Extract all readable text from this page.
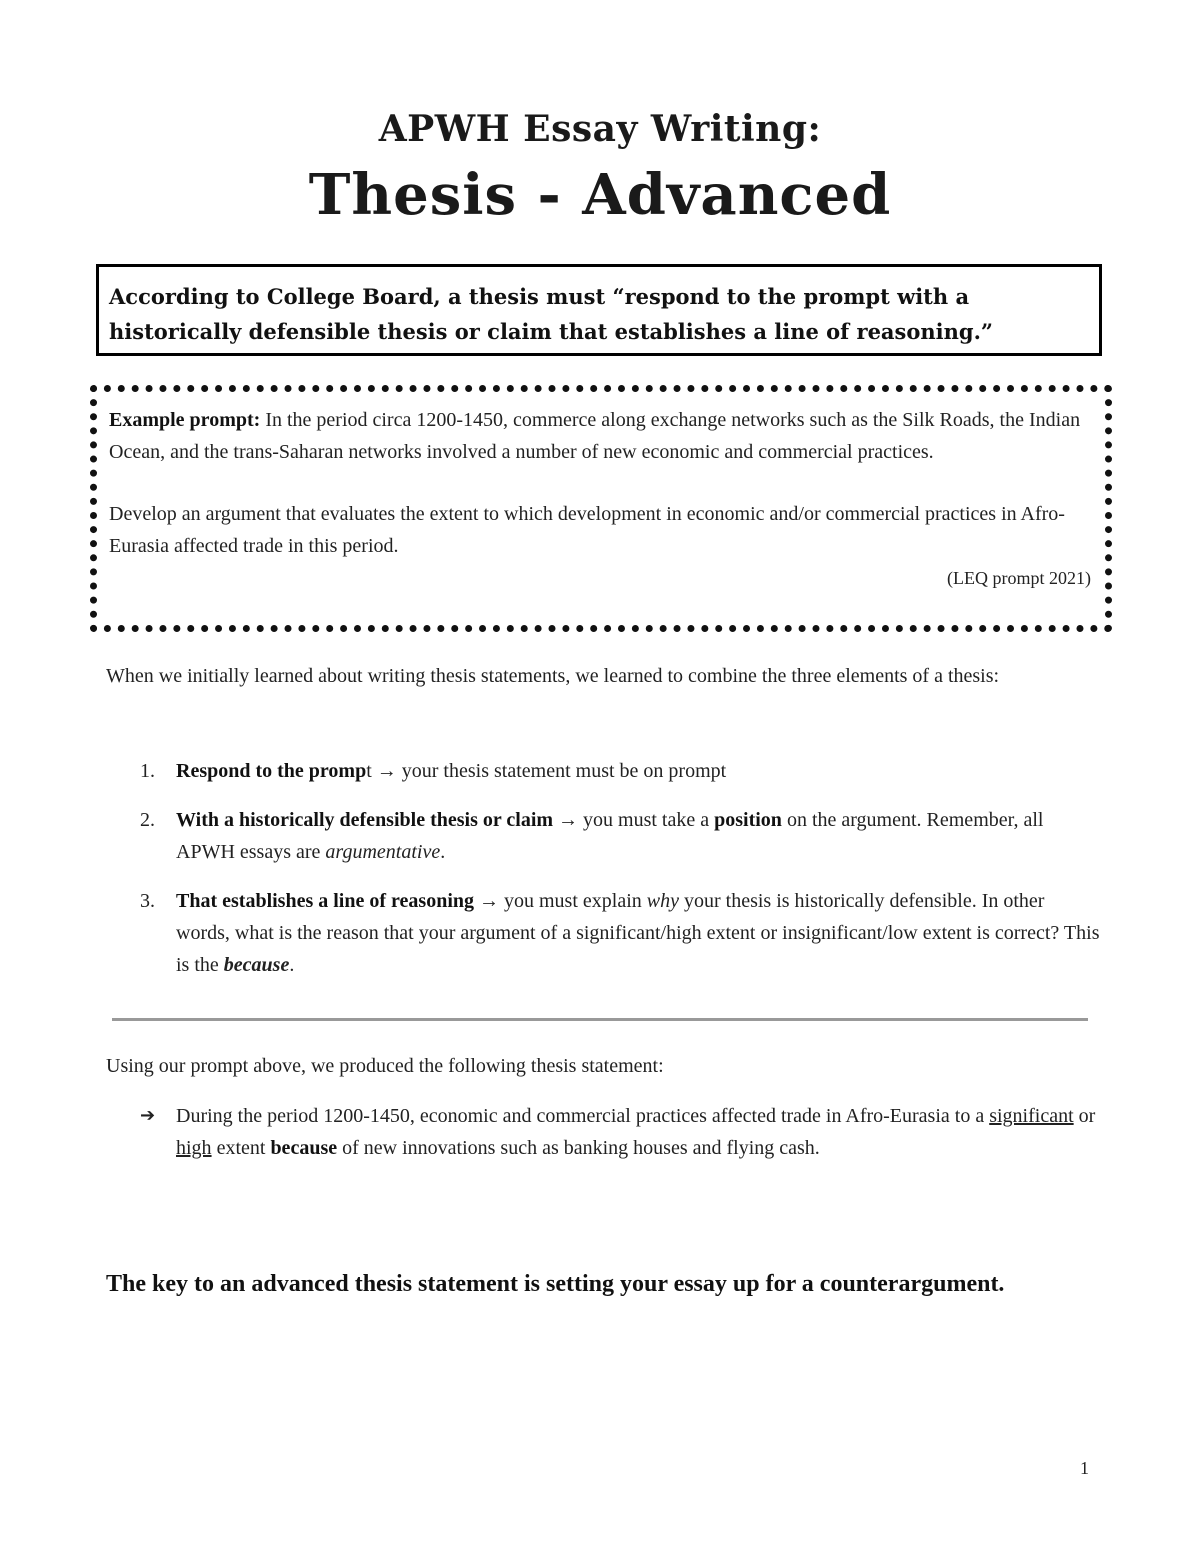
APWH Essay Writing:
Thesis - Advanced
According to College Board, a thesis must “respond to the prompt with a historically defensible thesis or claim that establishes a line of reasoning.”

Example prompt: In the period circa 1200-1450, commerce along exchange networks such as the Silk Roads, the Indian Ocean, and the trans-Saharan networks involved a number of new economic and commercial practices.

Develop an argument that evaluates the extent to which development in economic and/or commercial practices in Afro-Eurasia affected trade in this period.

(LEQ prompt 2021)
When we initially learned about writing thesis statements, we learned to combine the three elements of a thesis:
1. Respond to the prompt → your thesis statement must be on prompt
2. With a historically defensible thesis or claim → you must take a position on the argument. Remember, all APWH essays are argumentative.
3. That establishes a line of reasoning → you must explain why your thesis is historically defensible. In other words, what is the reason that your argument of a significant/high extent or insignificant/low extent is correct? This is the because.
Using our prompt above, we produced the following thesis statement:
➔ During the period 1200-1450, economic and commercial practices affected trade in Afro-Eurasia to a significant or high extent because of new innovations such as banking houses and flying cash.
The key to an advanced thesis statement is setting your essay up for a counterargument.
1
